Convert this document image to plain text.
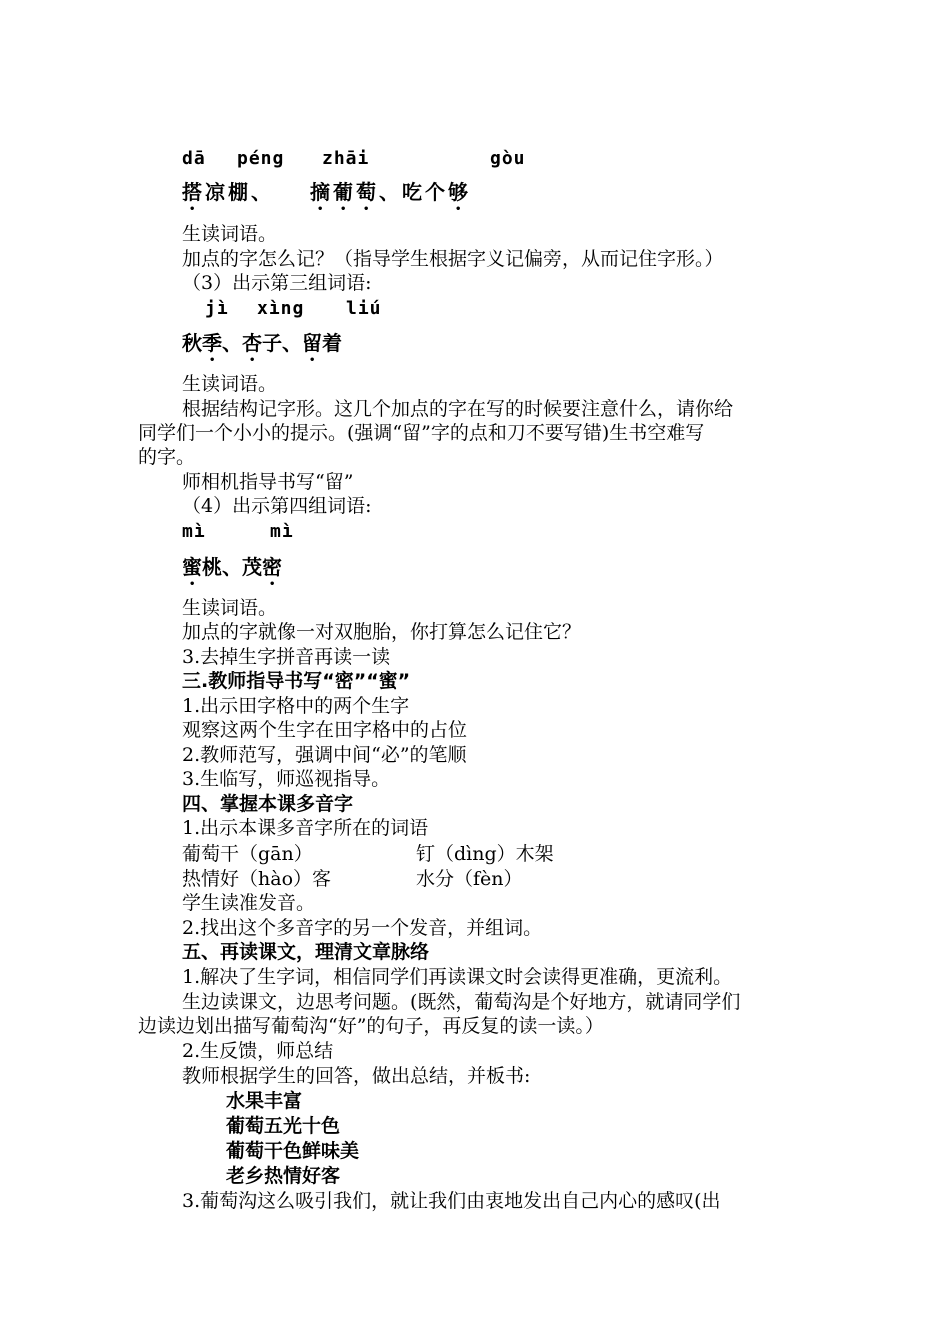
dā péng zhāi	gòu
搭凉棚、 摘葡萄、吃个够
生读词语。
加点的字怎么记？（指导学生根据字义记偏旁，从而记住字形。）
（3）出示第三组词语:
jì xìng liú
秋季、杏子、留着
生读词语。
根据结构记字形。这几个加点的字在写的时候要注意什么，请你给
同学们一个小小的提示。(强调“留”字的点和刀不要写错)生书空难写
的字。
师相机指导书写“留”
（4）出示第四组词语:
mì	mì
蜜桃、茂密
生读词语。
加点的字就像一对双胞胎，你打算怎么记住它？
3.去掉生字拼音再读一读
三.教师指导书写“密”“蜜”
1.出示田字格中的两个生字
观察这两个生字在田字格中的占位
2.教师范写，强调中间“必”的笔顺
3.生临写，师巡视指导。
四、掌握本课多音字
1.出示本课多音字所在的词语
葡萄干（gān）	钉（dìng）木架
热情好（hào）客	水分（fèn）
学生读准发音。
2.找出这个多音字的另一个发音，并组词。
五、再读课文，理清文章脉络
1.解决了生字词，相信同学们再读课文时会读得更准确，更流利。
生边读课文，边思考问题。(既然，葡萄沟是个好地方，就请同学们
边读边划出描写葡萄沟“好”的句子，再反复的读一读。）
2.生反馈，师总结
教师根据学生的回答，做出总结，并板书:
水果丰富
葡萄五光十色
葡萄干色鲜味美
老乡热情好客
3.葡萄沟这么吸引我们，就让我们由衷地发出自己内心的感叹(出
